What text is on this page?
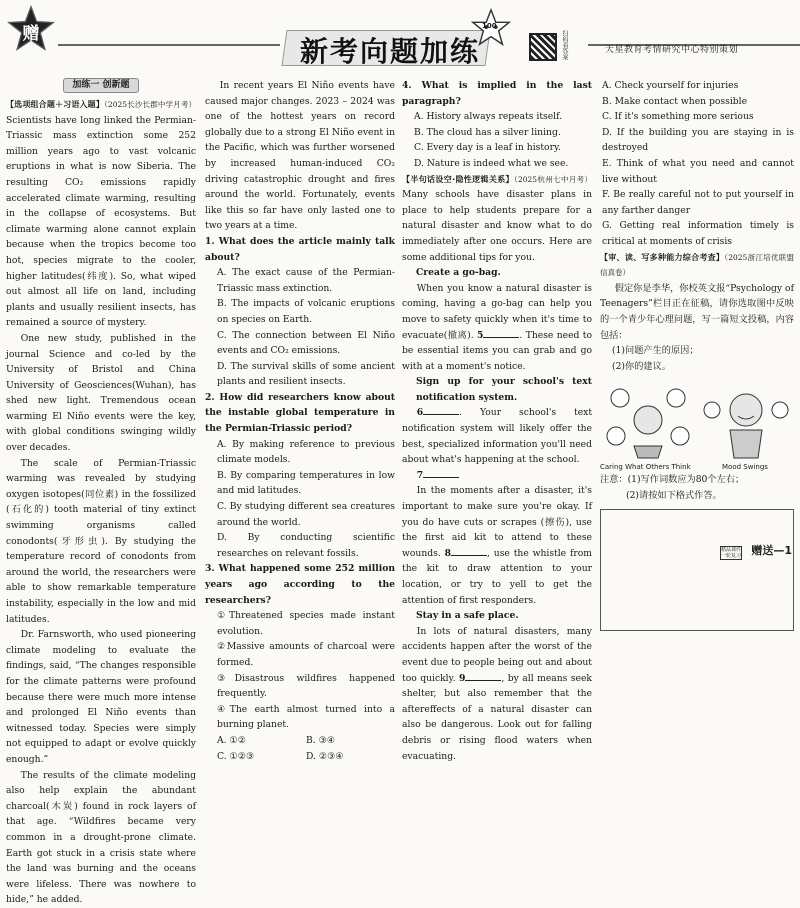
赠
新考向题加练
100
扫码看答案	天星教育考情研究中心特别策划
加练一 创新题

【选项组合题＋习语入题】（2025长沙长郡中学月考）Scientists have long linked the Permian-Triassic mass extinction some 252 million years ago to vast volcanic eruptions in what is now Siberia. The resulting CO₂ emissions rapidly accelerated climate warming, resulting in the collapse of ecosystems. But climate warming alone cannot explain because when the tropics become too hot, species migrate to the cooler, higher latitudes(纬度). So, what wiped out almost all life on land, including plants and usually resilient insects, has remained a source of mystery.

One new study, published in the journal Science and co-led by the University of Bristol and China University of Geosciences(Wuhan), has shed new light. Tremendous ocean warming El Niño events were the key, with global conditions swinging wildly over decades.

The scale of Permian-Triassic warming was revealed by studying oxygen isotopes(同位素) in the fossilized (石化的) tooth material of tiny extinct swimming organisms called conodonts(牙形虫). By studying the temperature record of conodonts from around the world, the researchers were able to show remarkable temperature instability, especially in the low and mid latitudes.

Dr. Farnsworth, who used pioneering climate modeling to evaluate the findings, said, “The changes responsible for the climate patterns were profound because there were much more intense and prolonged El Niño events than witnessed today. Species were simply not equipped to adapt or evolve quickly enough.”

The results of the climate modeling also help explain the abundant charcoal(木炭) found in rock layers of that age. “Wildfires became very common in a drought-prone climate. Earth got stuck in a crisis state where the land was burning and the oceans were lifeless. There was nowhere to hide,” he added.

In recent years El Niño events have caused major changes. 2023 – 2024 was one of the hottest years on record globally due to a strong El Niño event in the Pacific, which was further worsened by increased human-induced CO₂ driving catastrophic drought and fires around the world. Fortunately, events like this so far have only lasted one to two years at a time.

1. What does the article mainly talk about?

A. The exact cause of the Permian-Triassic mass extinction.

B. The impacts of volcanic eruptions on species on Earth.

C. The connection between El Niño events and CO₂ emissions.

D. The survival skills of some ancient plants and resilient insects.

2. How did researchers know about the instable global temperature in the Permian-Triassic period?

A. By making reference to previous climate models.

B. By comparing temperatures in low and mid latitudes.

C. By studying different sea creatures around the world.

D. By conducting scientific researches on relevant fossils.

3. What happened some 252 million years ago according to the researchers?

①Threatened species made instant evolution.

②Massive amounts of charcoal were formed.

③Disastrous wildfires happened frequently.

④The earth almost turned into a burning planet.

A. ①②	B. ③④
C. ①②③	D. ②③④

4. What is implied in the last paragraph?

A. History always repeats itself.

B. The cloud has a silver lining.

C. Every day is a leaf in history.

D. Nature is indeed what we see.

【半句话设空·隐性逻辑关系】（2025杭州七中月考）Many schools have disaster plans in place to help students prepare for a natural disaster and know what to do immediately after one occurs. Here are some additional tips for you.

Create a go-bag.

When you know a natural disaster is coming, having a go-bag can help you move to safety quickly when it's time to evacuate(撤离). 5	. These need to be essential items you can grab and go with at a moment's notice.

Sign up for your school's text notification system.

6	. Your school's text notification system will likely offer the best, specialized information you'll need about what's happening at the school.

7

In the moments after a disaster, it's important to make sure you're okay. If you do have cuts or scrapes (擦伤), use the first aid kit to attend to these wounds. 8	, use the whistle from the kit to draw attention to your location, or try to yell to get the attention of first responders.

Stay in a safe place.

In lots of natural disasters, many accidents happen after the worst of the event due to people being out and about too quickly. 9	, by all means seek shelter, but also remember that the aftereffects of a natural disaster can also be dangerous. Look out for falling debris or rising flood waters when evacuating.

A. Check yourself for injuries

B. Make contact when possible

C. If it's something more serious

D. If the building you are staying in is destroyed

E. Think of what you need and cannot live without

F. Be really careful not to put yourself in any farther danger

G. Getting real information timely is critical at moments of crisis

【审、读、写多种能力综合考查】（2025浙江培优联盟信真卷）

假定你是李华，你校英文报“Psychology of Teenagers”栏目正在征稿，请你选取图中反映的一个青少年心理问题，写一篇短文投稿，内容包括：

(1)问题产生的原因；

(2)你的建议。

Caring What Others Think	Mood Swings

注意：(1)写作词数应为80个左右；

(2)请按如下格式作答。

精品课件 一轮复习 赠送—1
